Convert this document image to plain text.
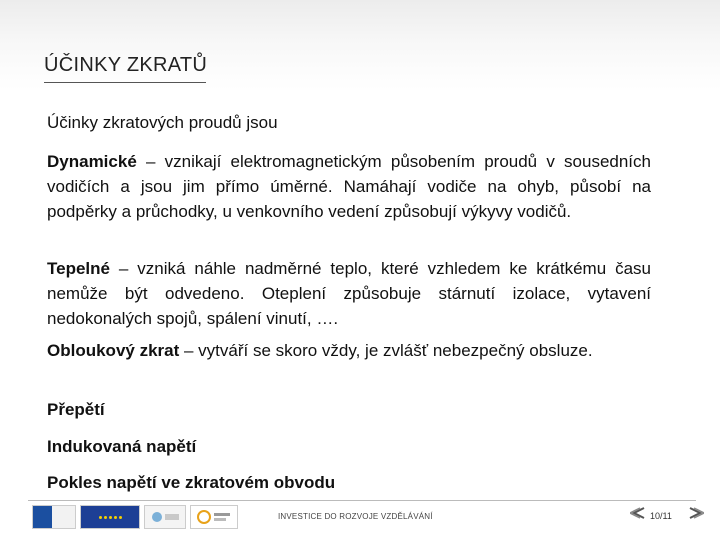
ÚČINKY ZKRATŮ
Účinky zkratových proudů jsou
Dynamické – vznikají elektromagnetickým působením proudů v sousedních vodičích a jsou jim přímo úměrné. Namáhají vodiče na ohyb, působí na podpěrky a průchodky, u venkovního vedení způsobují výkyvy vodičů.
Tepelné – vzniká náhle nadměrné teplo, které vzhledem ke krátkému času nemůže být odvedeno. Oteplení způsobuje stárnutí izolace, vytavení nedokonalých spojů, spálení vinutí, ….
Obloukový zkrat – vytváří se skoro vždy, je zvlášť nebezpečný obsluze.
Přepětí
Indukovaná napětí
Pokles napětí ve zkratovém obvodu
INVESTICE DO ROZVOJE VZDĚLÁVÁNÍ	10/11
